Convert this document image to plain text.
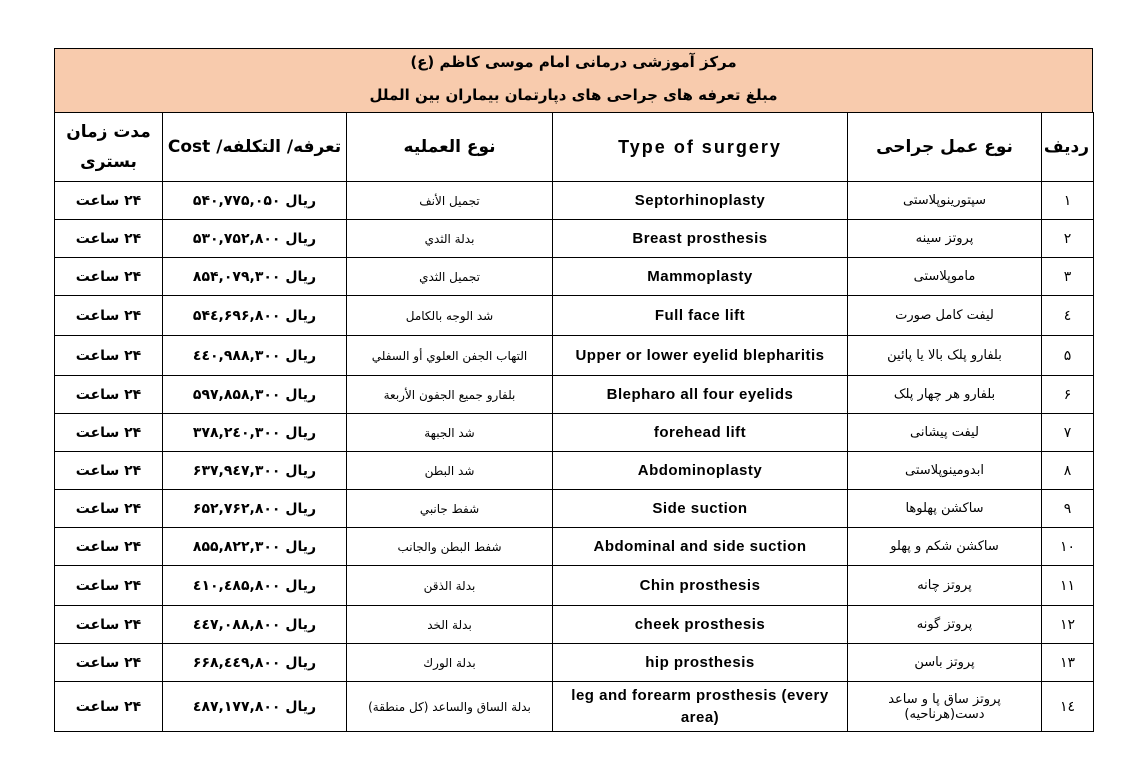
مرکز آموزشی درمانی امام موسی کاظم (ع)
مبلغ تعرفه های جراحی های دپارتمان بیماران بین الملل
ردیف	نوع عمل جراحی	Type of surgery	نوع العمليه	تعرفه/ التكلفه/ Cost	مدت زمان
بستری

۱	سپتورینوپلاستی	Septorhinoplasty	تجميل الأنف	ریال ۵۴۰,۷۷۵,۰۵۰	۲۴ ساعت
۲	پروتز سینه	Breast prosthesis	بدلة الثدي	ریال ۵۳۰,۷۵۲,۸۰۰	۲۴ ساعت
۳	ماموپلاستی	Mammoplasty	تجميل الثدي	ریال ۸۵۴,۰۷۹,۳۰۰	۲۴ ساعت
٤	لیفت کامل صورت	Full face lift	شد الوجه بالكامل	ریال ۵۴٤,۶۹۶,۸۰۰	۲۴ ساعت
۵	بلفارو پلک بالا یا پائین	Upper or lower eyelid blepharitis	التهاب الجفن العلوي أو السفلي	ریال ٤٤۰,۹۸۸,۳۰۰	۲۴ ساعت
۶	بلفارو هر چهار پلک	Blepharo all four eyelids	بلفارو جميع الجفون الأربعة	ریال ۵۹۷,۸۵۸,۳۰۰	۲۴ ساعت
۷	لیفت پیشانی	forehead lift	شد الجبهة	ریال ۳۷۸,۲٤۰,۳۰۰	۲۴ ساعت
۸	ابدومینوپلاستی	Abdominoplasty	شد البطن	ریال ۶۳۷,۹٤۷,۳۰۰	۲۴ ساعت
۹	ساکشن پهلوها	Side suction	شفط جانبي	ریال ۶۵۲,۷۶۲,۸۰۰	۲۴ ساعت
۱۰	ساکشن شکم و پهلو	Abdominal and side suction	شفط البطن والجانب	ریال ۸۵۵,۸۲۲,۳۰۰	۲۴ ساعت
۱۱	پروتز چانه	Chin prosthesis	بدلة الذقن	ریال ٤۱۰,٤۸۵,۸۰۰	۲۴ ساعت
۱۲	پروتز گونه	cheek prosthesis	بدلة الخد	ریال ٤٤۷,۰۸۸,۸۰۰	۲۴ ساعت
۱۳	پروتز باسن	hip prosthesis	بدلة الورك	ریال ۶۶۸,٤٤۹,۸۰۰	۲۴ ساعت
۱٤	پروتز ساق پا و ساعد دست(هرناحیه)	leg and forearm prosthesis (every area)	بدلة الساق والساعد (كل منطقة)	ریال ٤۸۷,۱۷۷,۸۰۰	۲۴ ساعت
